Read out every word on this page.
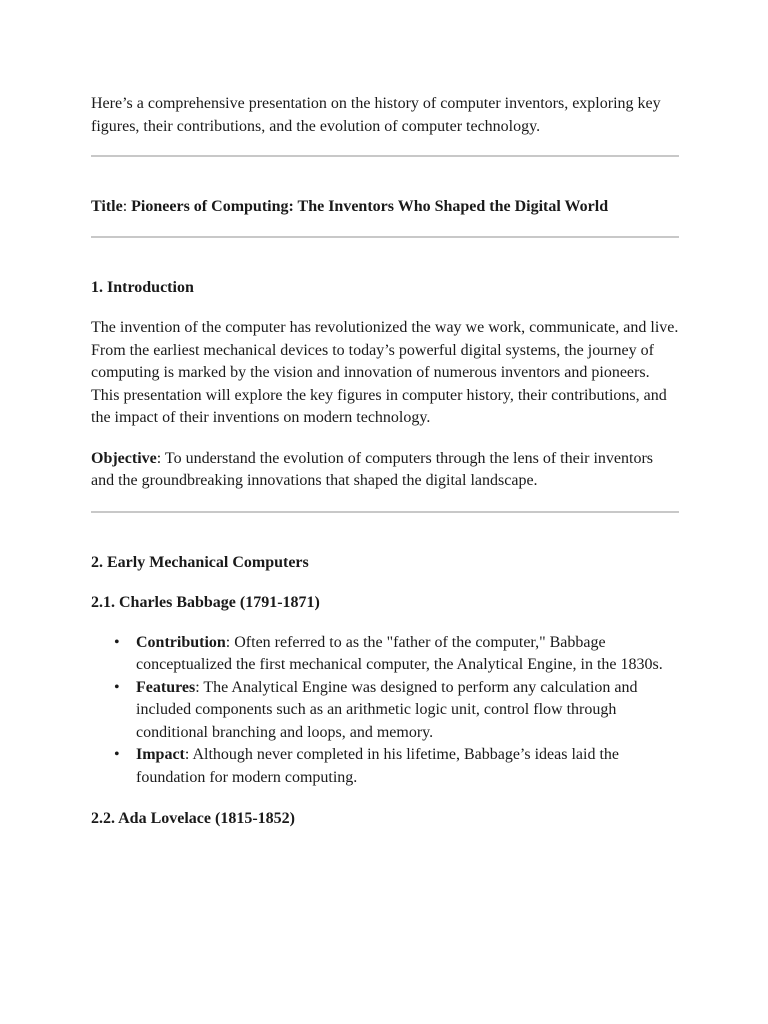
Here’s a comprehensive presentation on the history of computer inventors, exploring key figures, their contributions, and the evolution of computer technology.

Title: Pioneers of Computing: The Inventors Who Shaped the Digital World

1. Introduction

The invention of the computer has revolutionized the way we work, communicate, and live. From the earliest mechanical devices to today’s powerful digital systems, the journey of computing is marked by the vision and innovation of numerous inventors and pioneers. This presentation will explore the key figures in computer history, their contributions, and the impact of their inventions on modern technology.

Objective: To understand the evolution of computers through the lens of their inventors and the groundbreaking innovations that shaped the digital landscape.

2. Early Mechanical Computers

2.1. Charles Babbage (1791-1871)

• Contribution: Often referred to as the "father of the computer," Babbage conceptualized the first mechanical computer, the Analytical Engine, in the 1830s.
• Features: The Analytical Engine was designed to perform any calculation and included components such as an arithmetic logic unit, control flow through conditional branching and loops, and memory.
• Impact: Although never completed in his lifetime, Babbage’s ideas laid the foundation for modern computing.

2.2. Ada Lovelace (1815-1852)
